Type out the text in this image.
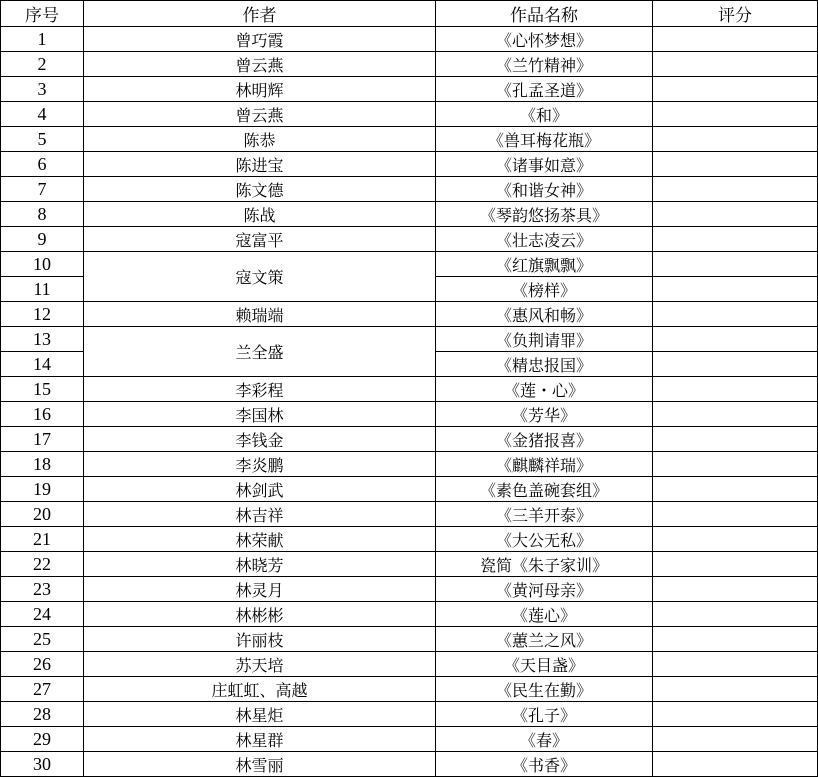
序号	作者	作品名称	评分
1	曾巧霞	《心怀梦想》	
2	曾云燕	《兰竹精神》	
3	林明辉	《孔孟圣道》	
4	曾云燕	《和》	
5	陈恭	《兽耳梅花瓶》	
6	陈进宝	《诸事如意》	
7	陈文德	《和谐女神》	
8	陈战	《琴韵悠扬茶具》	
9	寇富平	《壮志凌云》	
10	寇文策	《红旗飘飘》	
11		《榜样》	
12	赖瑞端	《惠风和畅》	
13	兰全盛	《负荆请罪》	
14		《精忠报国》	
15	李彩程	《莲・心》	
16	李国林	《芳华》	
17	李钱金	《金猪报喜》	
18	李炎鹏	《麒麟祥瑞》	
19	林剑武	《素色盖碗套组》	
20	林吉祥	《三羊开泰》	
21	林荣献	《大公无私》	
22	林晓芳	瓷简《朱子家训》	
23	林灵月	《黄河母亲》	
24	林彬彬	《莲心》	
25	许丽枝	《蕙兰之风》	
26	苏天培	《天目盏》	
27	庄虹虹、高越	《民生在勤》	
28	林星炬	《孔子》	
29	林星群	《春》	
30	林雪丽	《书香》	
